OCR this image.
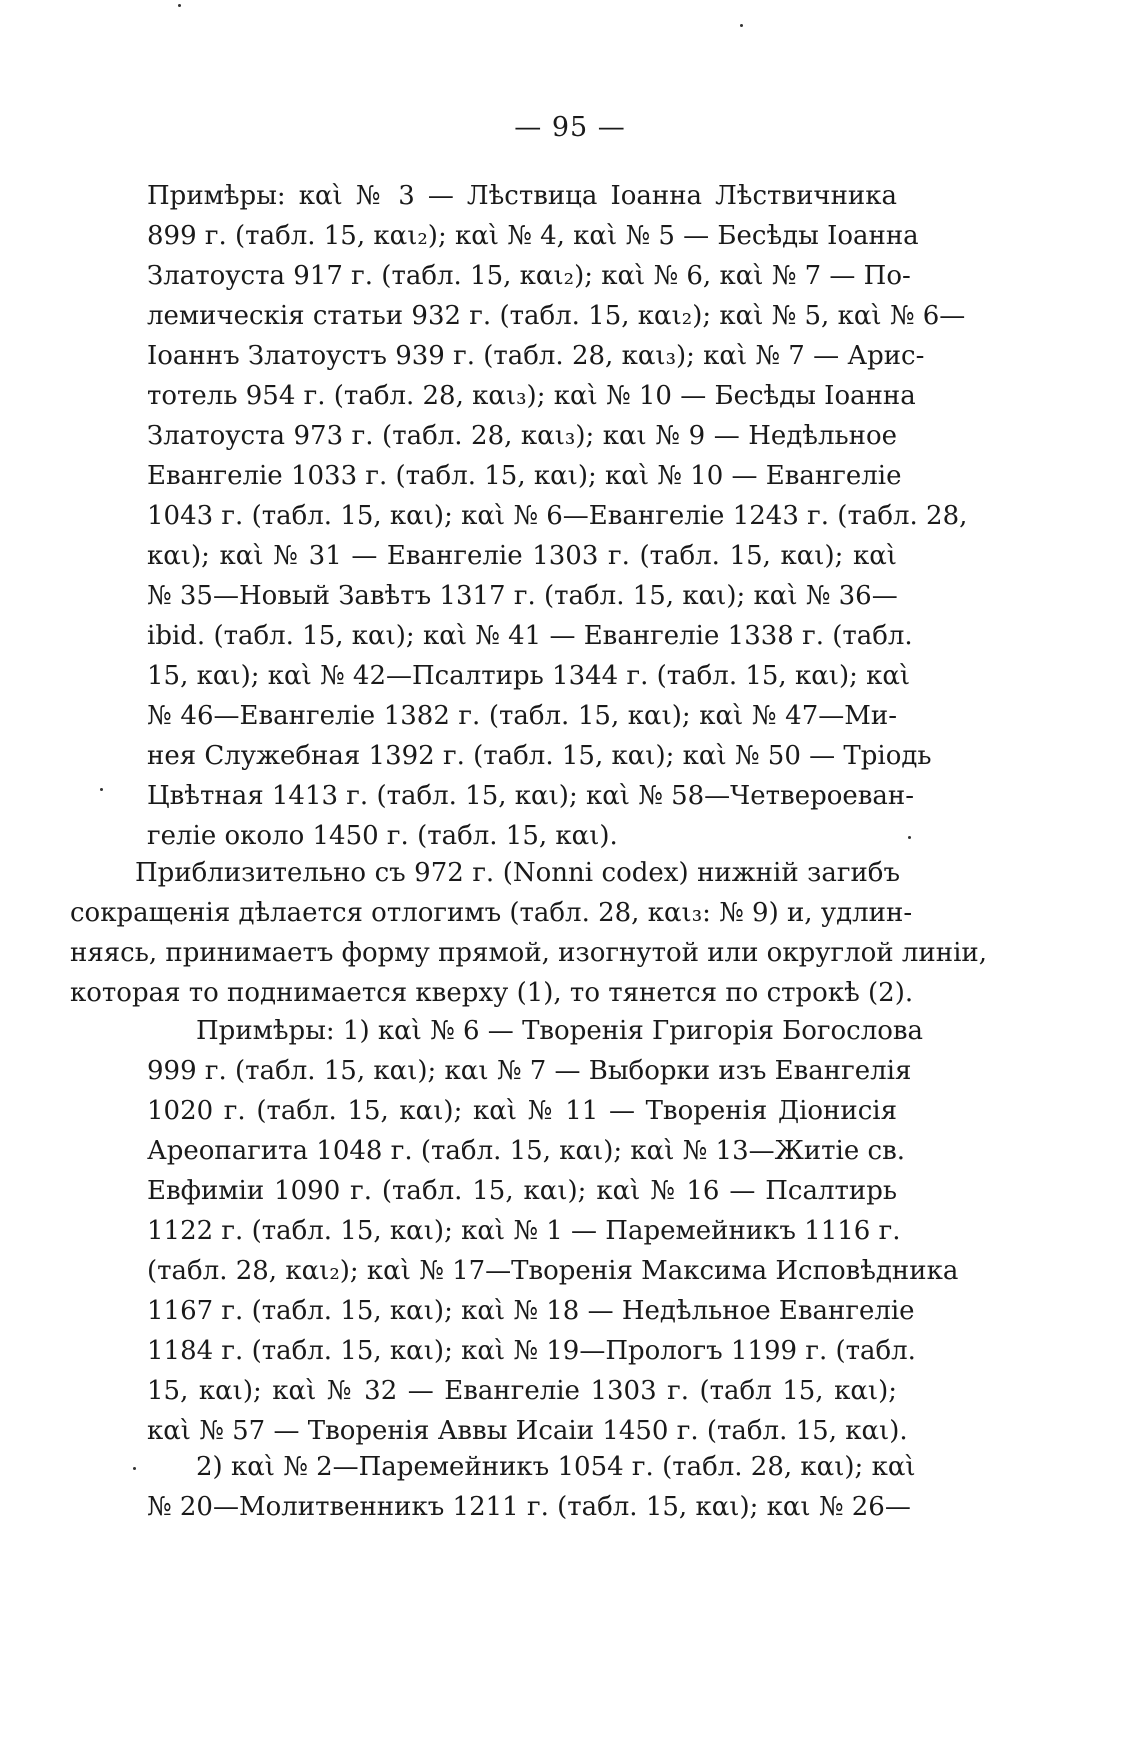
— 95 —
Примѣры: καὶ № 3 — Лѣствица Іоанна Лѣствичника
899 г. (табл. 15, και₂); καὶ № 4, καὶ № 5 — Бесѣды Іоанна
Златоуста 917 г. (табл. 15, και₂); καὶ № 6, καὶ № 7 — По-
лемическія статьи 932 г. (табл. 15, και₂); καὶ № 5, καὶ № 6—
Іоаннъ Златоустъ 939 г. (табл. 28, και₃); καὶ № 7 — Арис-
тотель 954 г. (табл. 28, και₃); καὶ № 10 — Бесѣды Іоанна
Златоуста 973 г. (табл. 28, και₃); και № 9 — Недѣльное
Евангеліе 1033 г. (табл. 15, και); καὶ № 10 — Евангеліе
1043 г. (табл. 15, και); καὶ № 6—Евангеліе 1243 г. (табл. 28,
και); καὶ № 31 — Евангеліе 1303 г. (табл. 15, και); καὶ
№ 35—Новый Завѣтъ 1317 г. (табл. 15, και); καὶ № 36—
ibid. (табл. 15, και); καὶ № 41 — Евангеліе 1338 г. (табл.
15, και); καὶ № 42—Псалтирь 1344 г. (табл. 15, και); καὶ
№ 46—Евангеліе 1382 г. (табл. 15, και); καὶ № 47—Ми-
нея Служебная 1392 г. (табл. 15, και); καὶ № 50 — Тріодь
Цвѣтная 1413 г. (табл. 15, και); καὶ № 58—Четвероеван-
геліе около 1450 г. (табл. 15, και).
Приблизительно съ 972 г. (Nonni codex) нижній загибъ
сокращенія дѣлается отлогимъ (табл. 28, και₃: № 9) и, удлин-
няясь, принимаетъ форму прямой, изогнутой или округлой линіи,
которая то поднимается кверху (1), то тянется по строкѣ (2).
Примѣры: 1) καὶ № 6 — Творенія Григорія Богослова
999 г. (табл. 15, και); και № 7 — Выборки изъ Евангелія
1020 г. (табл. 15, και); καὶ № 11 — Творенія Діонисія
Ареопагита 1048 г. (табл. 15, και); καὶ № 13—Житіе св.
Евфиміи 1090 г. (табл. 15, και); καὶ № 16 — Псалтирь
1122 г. (табл. 15, και); καὶ № 1 — Паремейникъ 1116 г.
(табл. 28, και₂); καὶ № 17—Творенія Максима Исповѣдника
1167 г. (табл. 15, και); καὶ № 18 — Недѣльное Евангеліе
1184 г. (табл. 15, και); καὶ № 19—Прологъ 1199 г. (табл.
15, και); καὶ № 32 — Евангеліе 1303 г. (табл 15, και);
καὶ № 57 — Творенія Аввы Исаіи 1450 г. (табл. 15, και).
2) καὶ № 2—Паремейникъ 1054 г. (табл. 28, και); καὶ
№ 20—Молитвенникъ 1211 г. (табл. 15, και); και № 26—
